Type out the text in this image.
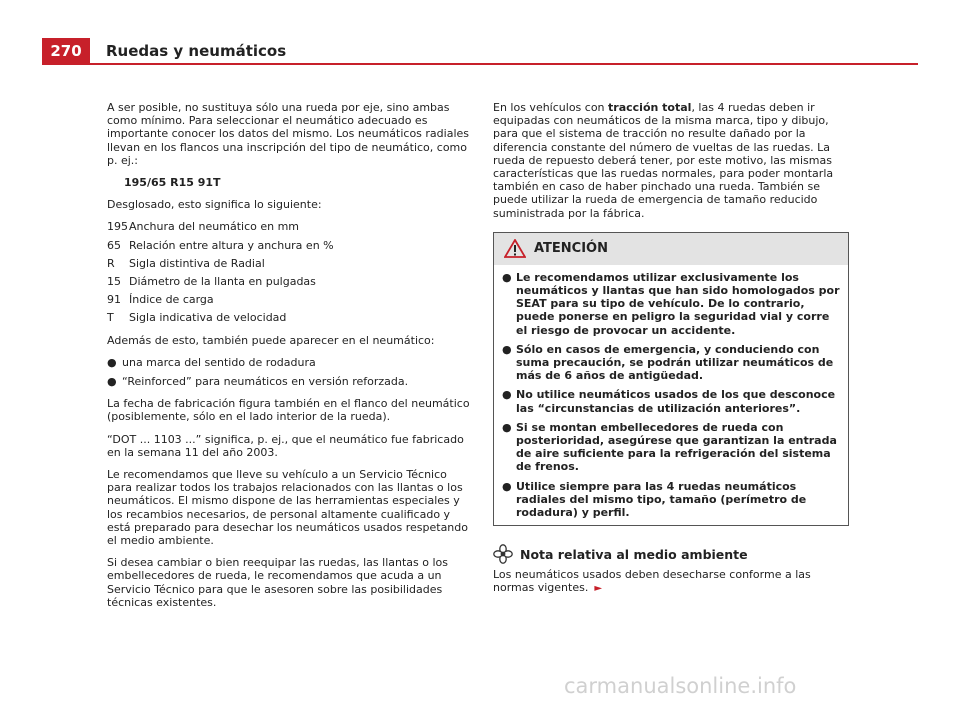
270	Ruedas y neumáticos

A ser posible, no sustituya sólo una rueda por eje, sino ambas como mínimo. Para seleccionar el neumático adecuado es importante conocer los datos del mismo. Los neumáticos radiales llevan en los flancos una inscripción del tipo de neumático, como p. ej.:

195/65 R15 91T

Desglosado, esto significa lo siguiente:

195 Anchura del neumático en mm
65 Relación entre altura y anchura en %
R	Sigla distintiva de Radial
15 Diámetro de la llanta en pulgadas
91 Índice de carga
T	Sigla indicativa de velocidad

Además de esto, también puede aparecer en el neumático:

● una marca del sentido de rodadura
● “Reinforced” para neumáticos en versión reforzada.

La fecha de fabricación figura también en el flanco del neumático (posiblemente, sólo en el lado interior de la rueda).

“DOT ... 1103 ...” significa, p. ej., que el neumático fue fabricado en la semana 11 del año 2003.

Le recomendamos que lleve su vehículo a un Servicio Técnico para realizar todos los trabajos relacionados con las llantas o los neumáticos. El mismo dispone de las herramientas especiales y los recambios necesarios, de personal altamente cualificado y está preparado para desechar los neumáticos usados respetando el medio ambiente.

Si desea cambiar o bien reequipar las ruedas, las llantas o los embellecedores de rueda, le recomendamos que acuda a un Servicio Técnico para que le asesoren sobre las posibilidades técnicas existentes.

En los vehículos con tracción total, las 4 ruedas deben ir equipadas con neumáticos de la misma marca, tipo y dibujo, para que el sistema de tracción no resulte dañado por la diferencia constante del número de vueltas de las ruedas. La rueda de repuesto deberá tener, por este motivo, las mismas características que las ruedas normales, para poder montarla también en caso de haber pinchado una rueda. También se puede utilizar la rueda de emergencia de tamaño reducido suministrada por la fábrica.

ATENCIÓN
● Le recomendamos utilizar exclusivamente los neumáticos y llantas que han sido homologados por SEAT para su tipo de vehículo. De lo contrario, puede ponerse en peligro la seguridad vial y corre el riesgo de provocar un accidente.
● Sólo en casos de emergencia, y conduciendo con suma precaución, se podrán utilizar neumáticos de más de 6 años de antigüedad.
● No utilice neumáticos usados de los que desconoce las “circunstancias de utilización anteriores”.
● Si se montan embellecedores de rueda con posterioridad, asegúrese que garantizan la entrada de aire suficiente para la refrigeración del sistema de frenos.
● Utilice siempre para las 4 ruedas neumáticos radiales del mismo tipo, tamaño (perímetro de rodadura) y perfil.
Nota relativa al medio ambiente

Los neumáticos usados deben desecharse conforme a las normas vigentes. ►

carmanualsonline.info
